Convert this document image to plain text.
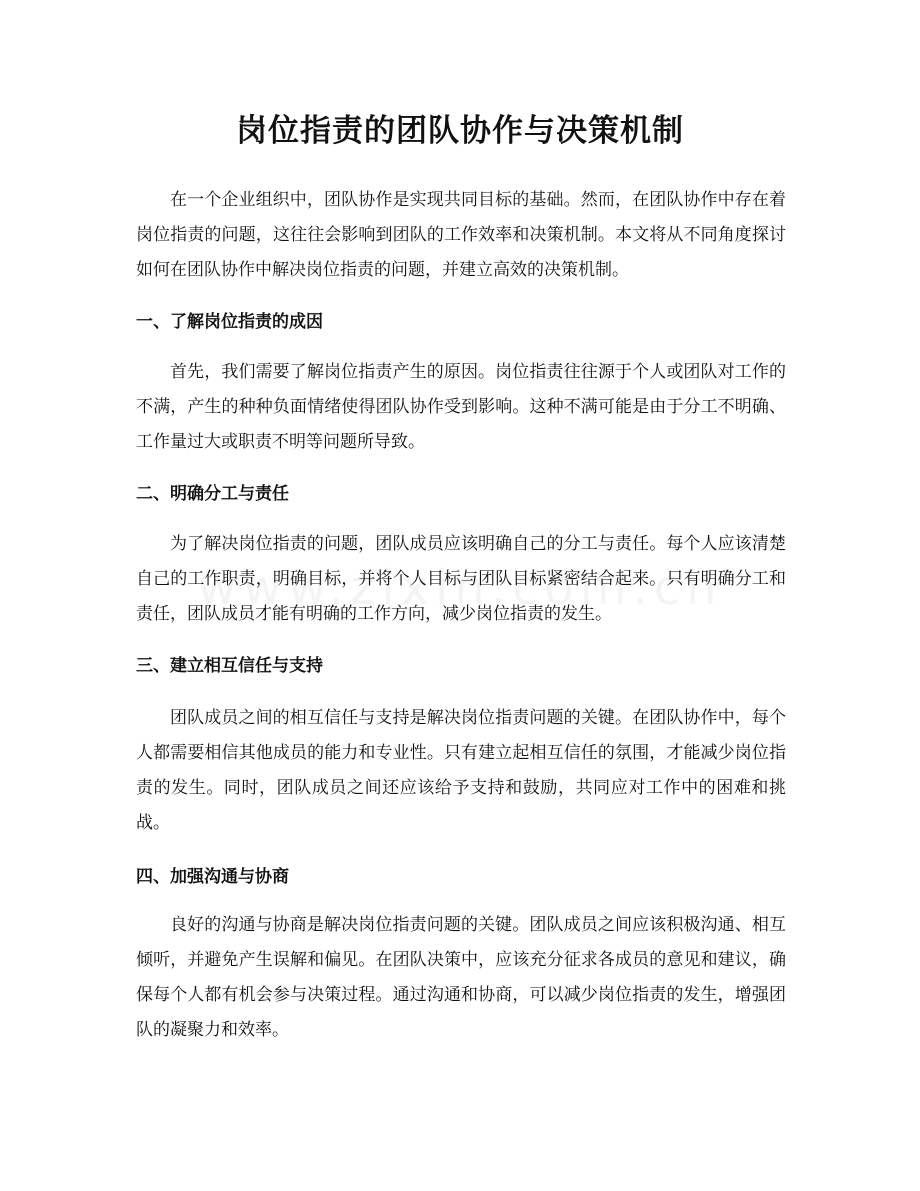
岗位指责的团队协作与决策机制

在一个企业组织中，团队协作是实现共同目标的基础。然而，在团队协作中存在着岗位指责的问题，这往往会影响到团队的工作效率和决策机制。本文将从不同角度探讨如何在团队协作中解决岗位指责的问题，并建立高效的决策机制。

一、了解岗位指责的成因

首先，我们需要了解岗位指责产生的原因。岗位指责往往源于个人或团队对工作的不满，产生的种种负面情绪使得团队协作受到影响。这种不满可能是由于分工不明确、工作量过大或职责不明等问题所导致。

二、明确分工与责任

为了解决岗位指责的问题，团队成员应该明确自己的分工与责任。每个人应该清楚自己的工作职责，明确目标，并将个人目标与团队目标紧密结合起来。只有明确分工和责任，团队成员才能有明确的工作方向，减少岗位指责的发生。

三、建立相互信任与支持

团队成员之间的相互信任与支持是解决岗位指责问题的关键。在团队协作中，每个人都需要相信其他成员的能力和专业性。只有建立起相互信任的氛围，才能减少岗位指责的发生。同时，团队成员之间还应该给予支持和鼓励，共同应对工作中的困难和挑战。

四、加强沟通与协商

良好的沟通与协商是解决岗位指责问题的关键。团队成员之间应该积极沟通、相互倾听，并避免产生误解和偏见。在团队决策中，应该充分征求各成员的意见和建议，确保每个人都有机会参与决策过程。通过沟通和协商，可以减少岗位指责的发生，增强团队的凝聚力和效率。
